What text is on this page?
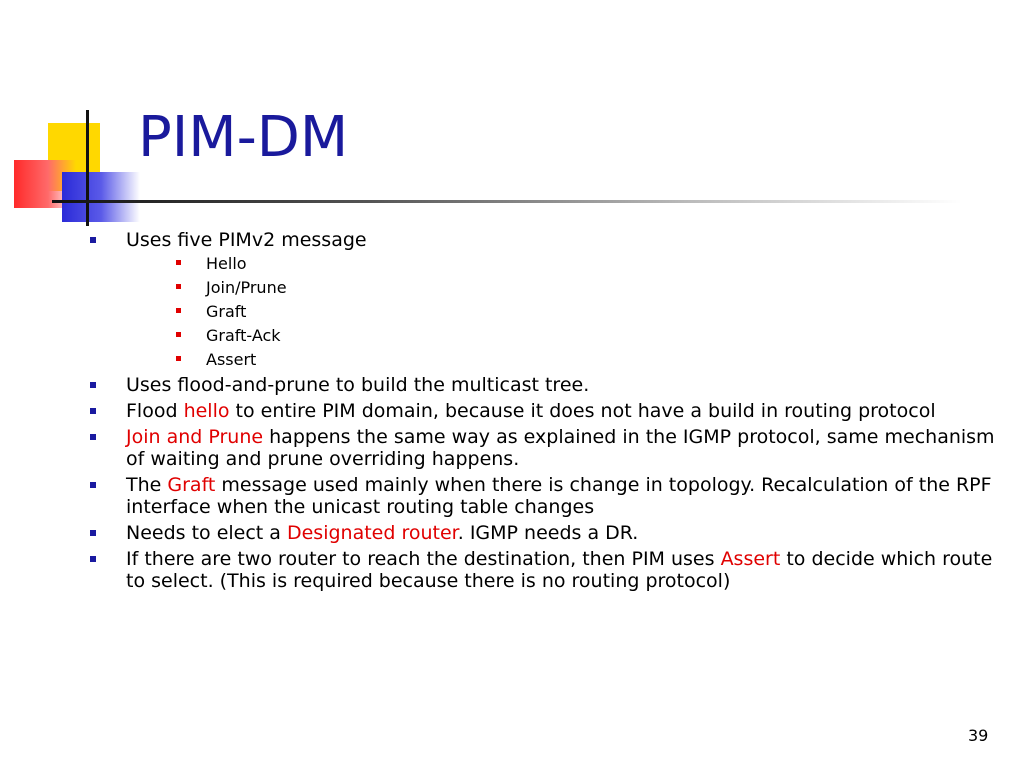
PIM-DM
Uses five PIMv2 message
Hello
Join/Prune
Graft
Graft-Ack
Assert
Uses flood-and-prune to build the multicast tree.
Flood hello to entire PIM domain, because it does not have a build in routing protocol
Join and Prune happens the same way as explained in the IGMP protocol, same mechanism of waiting and prune overriding happens.
The Graft message used mainly when there is change in topology. Recalculation of the RPF interface when the unicast routing table changes
Needs to elect a Designated router. IGMP needs a DR.
If there are two router to reach the destination, then PIM uses Assert to decide which route to select. (This is required because there is no routing protocol)
39
